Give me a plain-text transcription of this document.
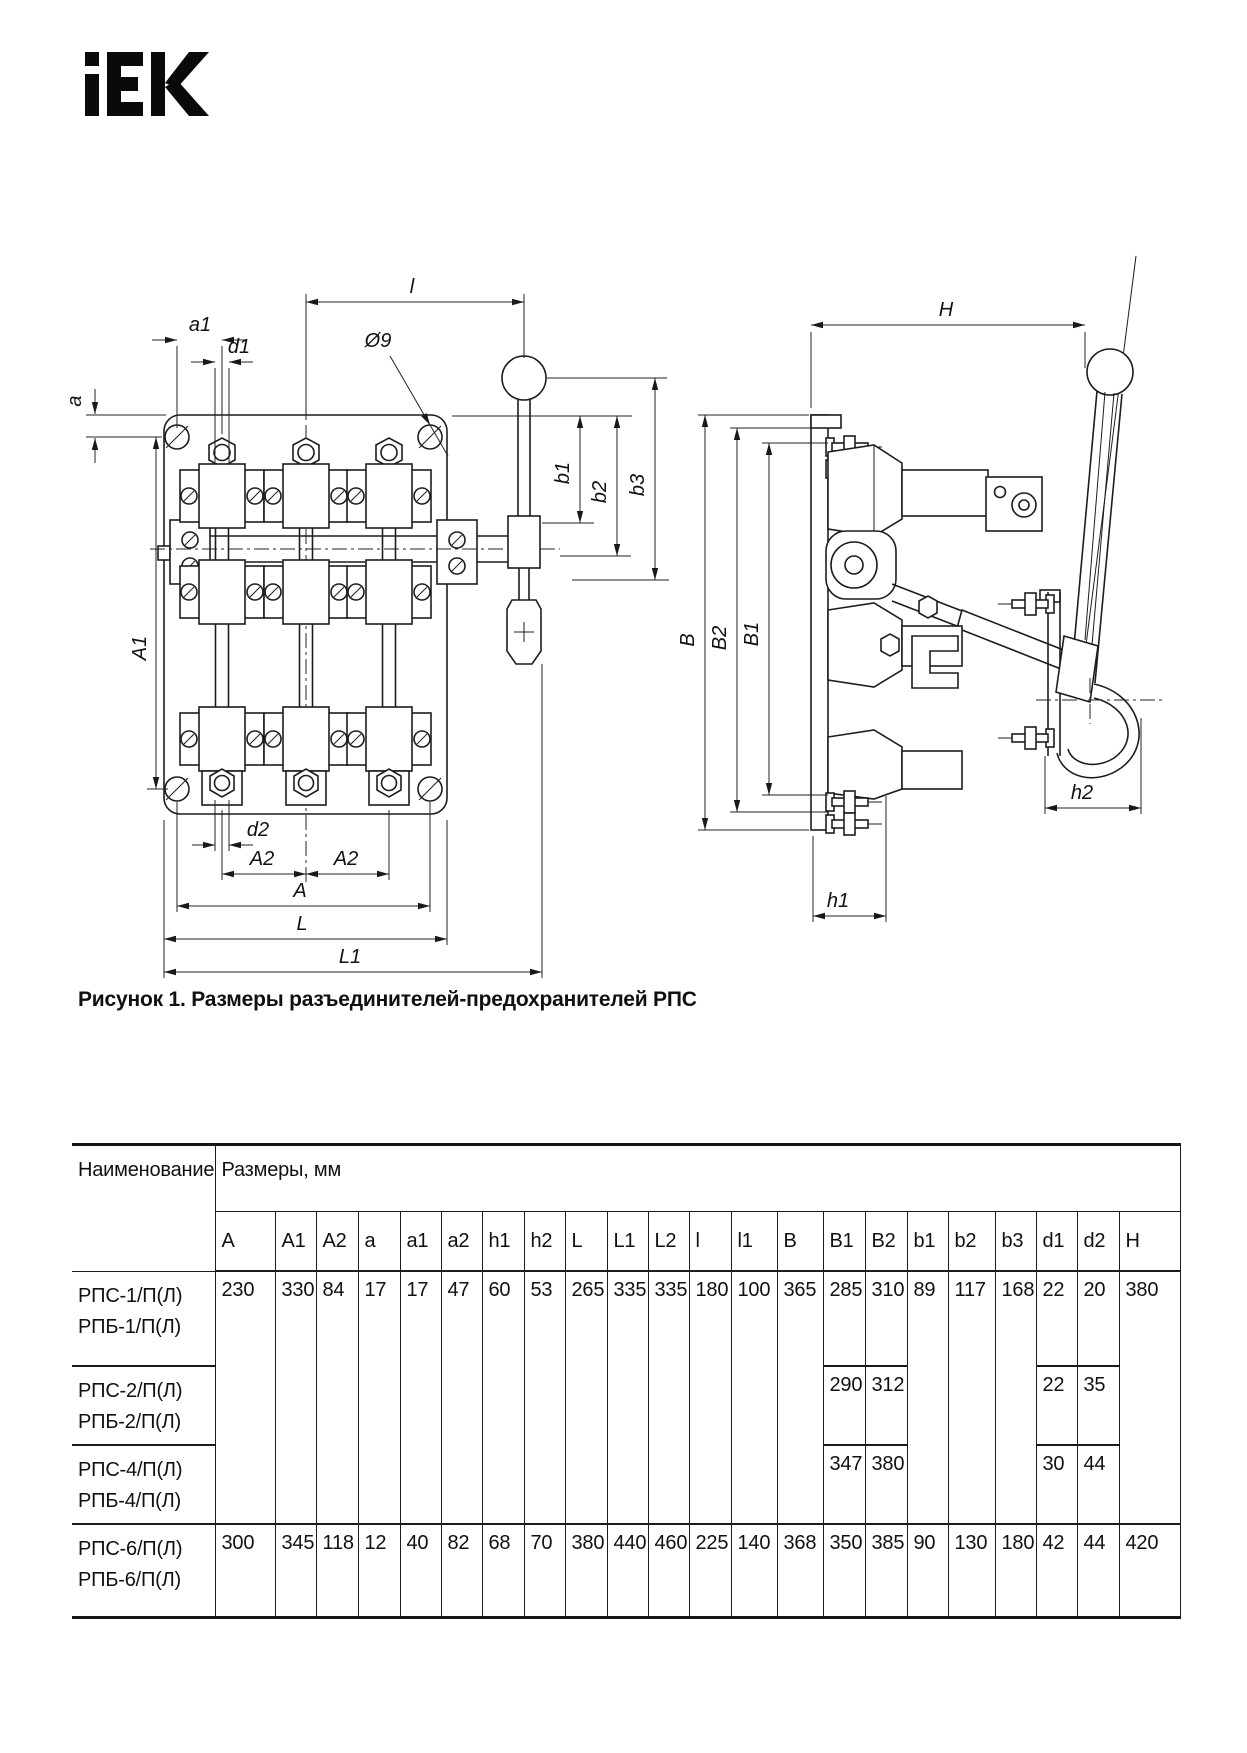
l
a1
a
d1	Ø9
A1
b1
b2 b3
d2
A2	A2
A
L
L1
H
B B2 B1
h1
h2
Рисунок 1. Размеры разъединителей-предохранителей РПС
Наименование	Размеры, мм																					
	A	A1	A2	a	a1	a2	h1	h2	L	L1	L2	l	l1	B	B1	B2	b1	b2	b3	d1	d2	H

РПС-1/П(Л)
РПБ-1/П(Л)	230	330	84	17	17	47	60	53	265	335	335	180	100	365	285	310	89	117	168	22	20	380

РПС-2/П(Л)
РПБ-2/П(Л)															290	312				22	35	

РПС-4/П(Л)
РПБ-4/П(Л)															347	380				30	44	

РПС-6/П(Л)
РПБ-6/П(Л)	300	345	118	12	40	82	68	70	380	440	460	225	140	368	350	385	90	130	180	42	44	420
